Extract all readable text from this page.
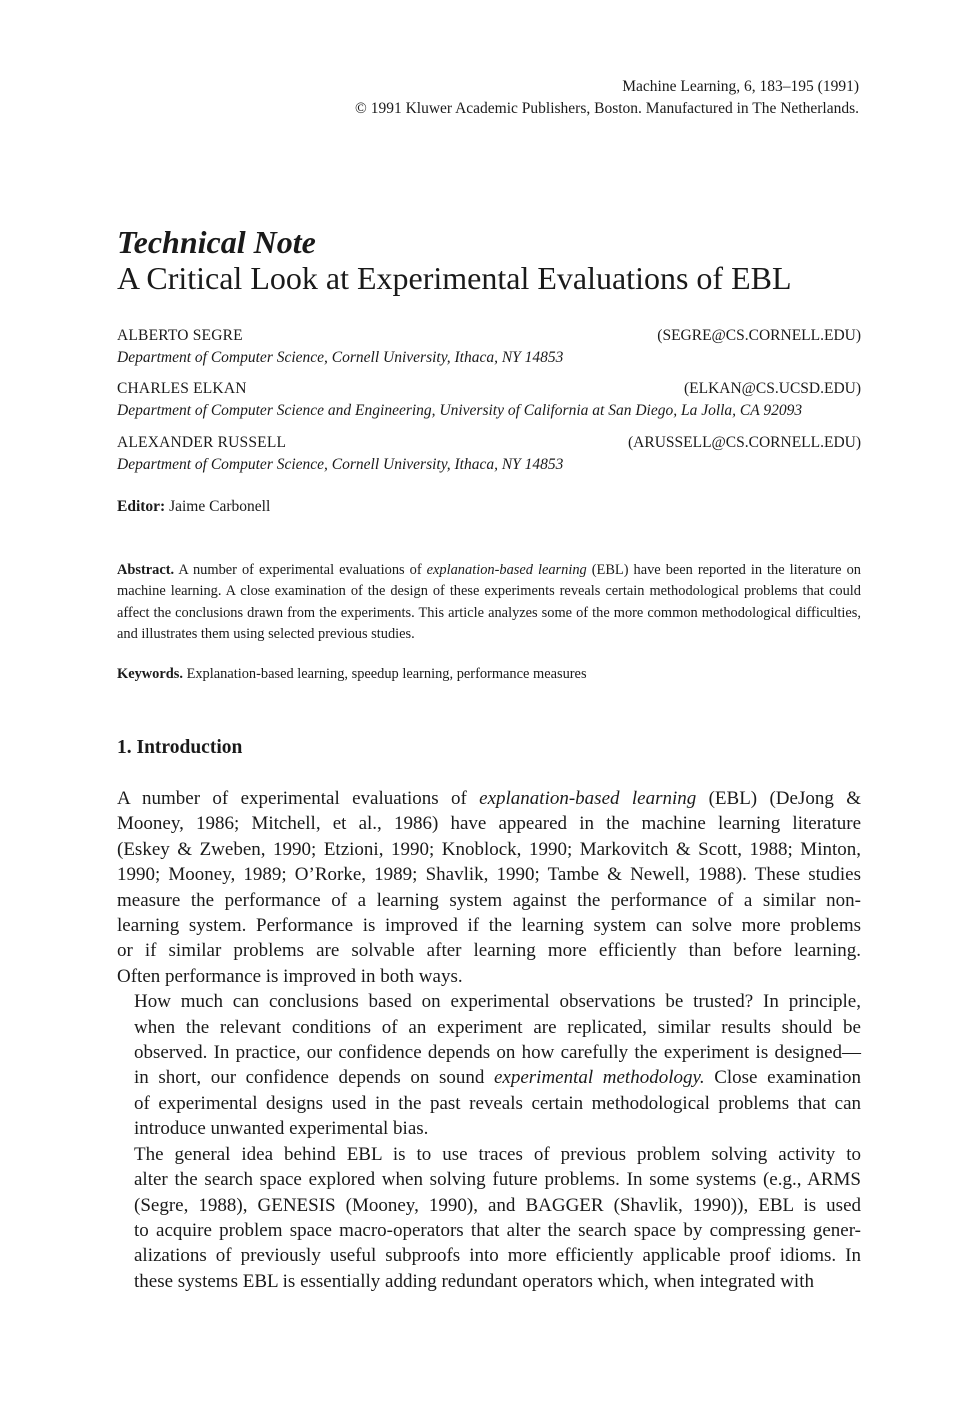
Machine Learning, 6, 183–195 (1991)
© 1991 Kluwer Academic Publishers, Boston. Manufactured in The Netherlands.
Technical Note
A Critical Look at Experimental Evaluations of EBL
ALBERTO SEGRE	(SEGRE@CS.CORNELL.EDU)
Department of Computer Science, Cornell University, Ithaca, NY 14853
CHARLES ELKAN	(ELKAN@CS.UCSD.EDU)
Department of Computer Science and Engineering, University of California at San Diego, La Jolla, CA 92093
ALEXANDER RUSSELL	(ARUSSELL@CS.CORNELL.EDU)
Department of Computer Science, Cornell University, Ithaca, NY 14853
Editor: Jaime Carbonell
Abstract. A number of experimental evaluations of explanation-based learning (EBL) have been reported in the literature on machine learning. A close examination of the design of these experiments reveals certain methodological problems that could affect the conclusions drawn from the experiments. This article analyzes some of the more common methodological difficulties, and illustrates them using selected previous studies.
Keywords. Explanation-based learning, speedup learning, performance measures
1. Introduction

A number of experimental evaluations of explanation-based learning (EBL) (DeJong &
Mooney, 1986; Mitchell, et al., 1986) have appeared in the machine learning literature
(Eskey & Zweben, 1990; Etzioni, 1990; Knoblock, 1990; Markovitch & Scott, 1988; Minton,
1990; Mooney, 1989; O’Rorke, 1989; Shavlik, 1990; Tambe & Newell, 1988). These studies
measure the performance of a learning system against the performance of a similar non-
learning system. Performance is improved if the learning system can solve more problems
or if similar problems are solvable after learning more efficiently than before learning.
Often performance is improved in both ways.

How much can conclusions based on experimental observations be trusted? In principle,
when the relevant conditions of an experiment are replicated, similar results should be
observed. In practice, our confidence depends on how carefully the experiment is designed—
in short, our confidence depends on sound experimental methodology. Close examination
of experimental designs used in the past reveals certain methodological problems that can
introduce unwanted experimental bias.

The general idea behind EBL is to use traces of previous problem solving activity to
alter the search space explored when solving future problems. In some systems (e.g., ARMS
(Segre, 1988), GENESIS (Mooney, 1990), and BAGGER (Shavlik, 1990)), EBL is used
to acquire problem space macro-operators that alter the search space by compressing gener-
alizations of previously useful subproofs into more efficiently applicable proof idioms. In
these systems EBL is essentially adding redundant operators which, when integrated with
